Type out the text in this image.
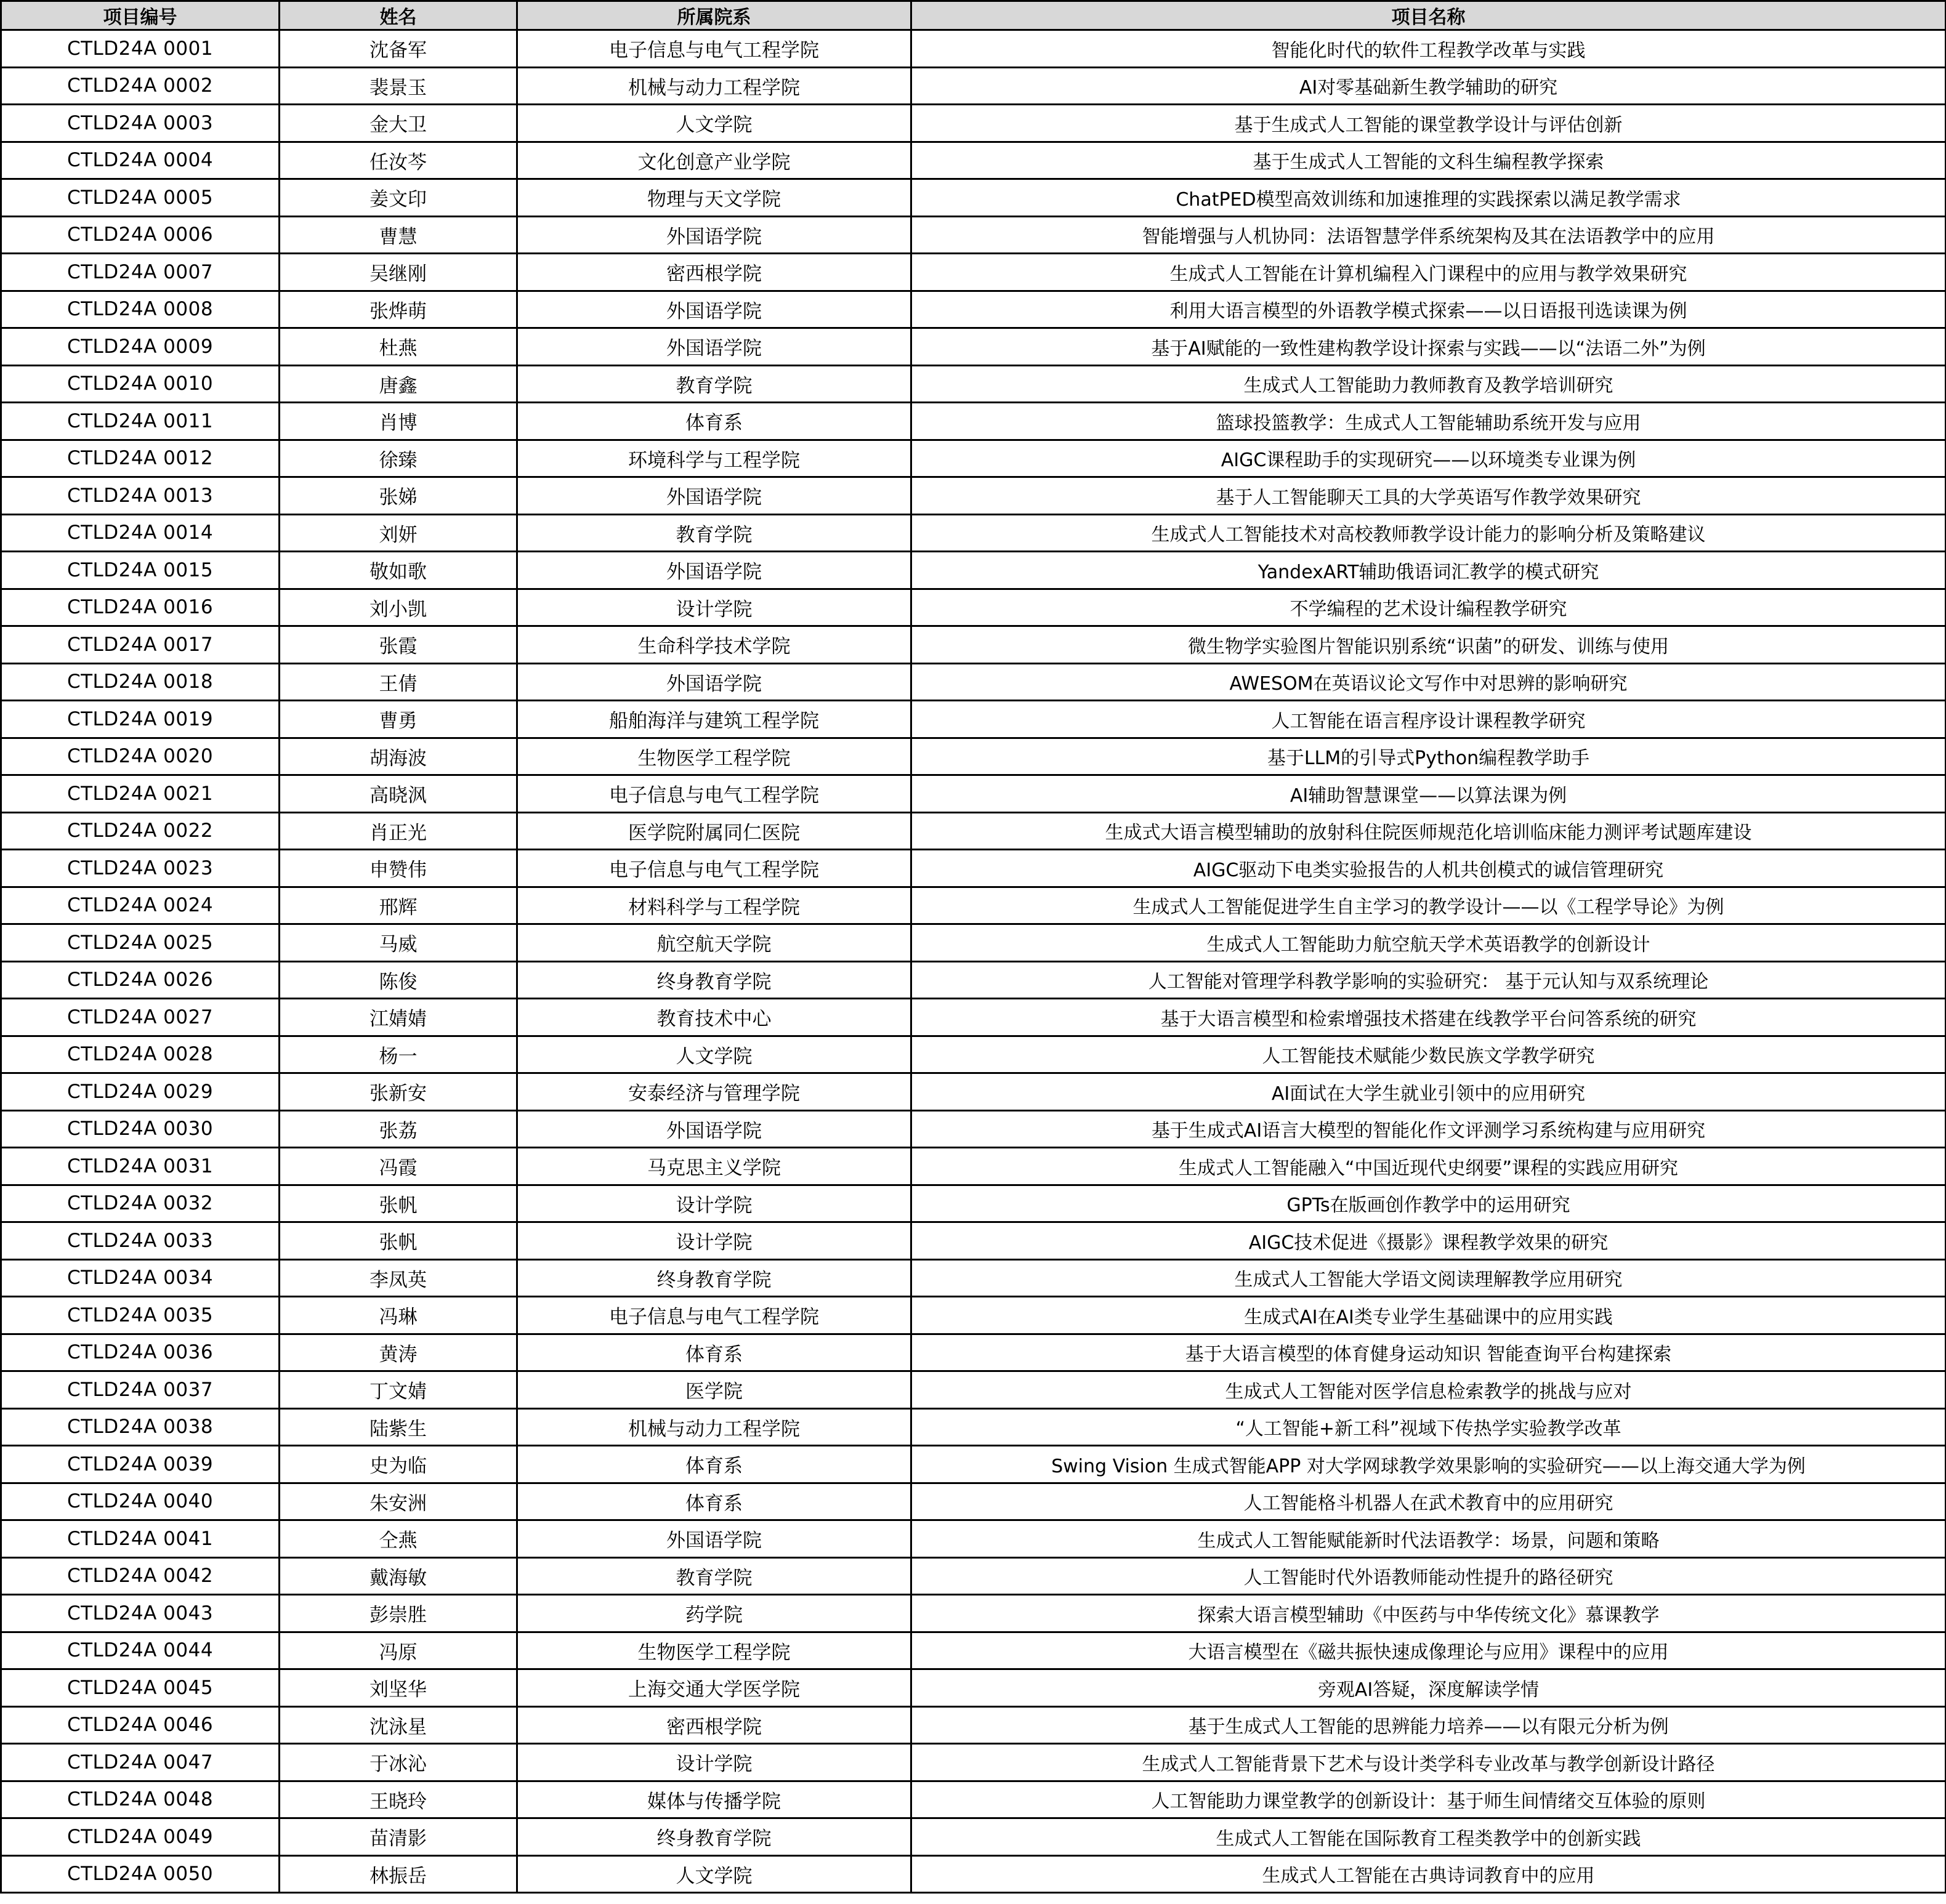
项目编号	姓名	所属院系	项目名称
CTLD24A 0001	沈备军	电子信息与电气工程学院	智能化时代的软件工程教学改革与实践
CTLD24A 0002	裴景玉	机械与动力工程学院	AI对零基础新生教学辅助的研究
CTLD24A 0003	金大卫	人文学院	基于生成式人工智能的课堂教学设计与评估创新
CTLD24A 0004	任汝芩	文化创意产业学院	基于生成式人工智能的文科生编程教学探索
CTLD24A 0005	姜文印	物理与天文学院	ChatPED模型高效训练和加速推理的实践探索以满足教学需求
CTLD24A 0006	曹慧	外国语学院	智能增强与人机协同：法语智慧学伴系统架构及其在法语教学中的应用
CTLD24A 0007	吴继刚	密西根学院	生成式人工智能在计算机编程入门课程中的应用与教学效果研究
CTLD24A 0008	张烨萌	外国语学院	利用大语言模型的外语教学模式探索——以日语报刊选读课为例
CTLD24A 0009	杜燕	外国语学院	基于AI赋能的一致性建构教学设计探索与实践——以“法语二外”为例
CTLD24A 0010	唐鑫	教育学院	生成式人工智能助力教师教育及教学培训研究
CTLD24A 0011	肖博	体育系	篮球投篮教学：生成式人工智能辅助系统开发与应用
CTLD24A 0012	徐臻	环境科学与工程学院	AIGC课程助手的实现研究——以环境类专业课为例
CTLD24A 0013	张娣	外国语学院	基于人工智能聊天工具的大学英语写作教学效果研究
CTLD24A 0014	刘妍	教育学院	生成式人工智能技术对高校教师教学设计能力的影响分析及策略建议
CTLD24A 0015	敬如歌	外国语学院	YandexART辅助俄语词汇教学的模式研究
CTLD24A 0016	刘小凯	设计学院	不学编程的艺术设计编程教学研究
CTLD24A 0017	张霞	生命科学技术学院	微生物学实验图片智能识别系统“识菌”的研发、训练与使用
CTLD24A 0018	王倩	外国语学院	AWESOM在英语议论文写作中对思辨的影响研究
CTLD24A 0019	曹勇	船舶海洋与建筑工程学院	人工智能在语言程序设计课程教学研究
CTLD24A 0020	胡海波	生物医学工程学院	基于LLM的引导式Python编程教学助手
CTLD24A 0021	高晓沨	电子信息与电气工程学院	AI辅助智慧课堂——以算法课为例
CTLD24A 0022	肖正光	医学院附属同仁医院	生成式大语言模型辅助的放射科住院医师规范化培训临床能力测评考试题库建设
CTLD24A 0023	申赞伟	电子信息与电气工程学院	AIGC驱动下电类实验报告的人机共创模式的诚信管理研究
CTLD24A 0024	邢辉	材料科学与工程学院	生成式人工智能促进学生自主学习的教学设计——以《工程学导论》为例
CTLD24A 0025	马威	航空航天学院	生成式人工智能助力航空航天学术英语教学的创新设计
CTLD24A 0026	陈俊	终身教育学院	人工智能对管理学科教学影响的实验研究： 基于元认知与双系统理论
CTLD24A 0027	江婧婧	教育技术中心	基于大语言模型和检索增强技术搭建在线教学平台问答系统的研究
CTLD24A 0028	杨一	人文学院	人工智能技术赋能少数民族文学教学研究
CTLD24A 0029	张新安	安泰经济与管理学院	AI面试在大学生就业引领中的应用研究
CTLD24A 0030	张荔	外国语学院	基于生成式AI语言大模型的智能化作文评测学习系统构建与应用研究
CTLD24A 0031	冯霞	马克思主义学院	生成式人工智能融入“中国近现代史纲要”课程的实践应用研究
CTLD24A 0032	张帆	设计学院	GPTs在版画创作教学中的运用研究
CTLD24A 0033	张帆	设计学院	AIGC技术促进《摄影》课程教学效果的研究
CTLD24A 0034	李凤英	终身教育学院	生成式人工智能大学语文阅读理解教学应用研究
CTLD24A 0035	冯琳	电子信息与电气工程学院	生成式AI在AI类专业学生基础课中的应用实践
CTLD24A 0036	黄涛	体育系	基于大语言模型的体育健身运动知识 智能查询平台构建探索
CTLD24A 0037	丁文婧	医学院	生成式人工智能对医学信息检索教学的挑战与应对
CTLD24A 0038	陆紫生	机械与动力工程学院	“人工智能+新工科”视域下传热学实验教学改革
CTLD24A 0039	史为临	体育系	Swing Vision 生成式智能APP 对大学网球教学效果影响的实验研究——以上海交通大学为例
CTLD24A 0040	朱安洲	体育系	人工智能格斗机器人在武术教育中的应用研究
CTLD24A 0041	仝燕	外国语学院	生成式人工智能赋能新时代法语教学：场景，问题和策略
CTLD24A 0042	戴海敏	教育学院	人工智能时代外语教师能动性提升的路径研究
CTLD24A 0043	彭崇胜	药学院	探索大语言模型辅助《中医药与中华传统文化》慕课教学
CTLD24A 0044	冯原	生物医学工程学院	大语言模型在《磁共振快速成像理论与应用》课程中的应用
CTLD24A 0045	刘坚华	上海交通大学医学院	旁观AI答疑，深度解读学情
CTLD24A 0046	沈泳星	密西根学院	基于生成式人工智能的思辨能力培养——以有限元分析为例
CTLD24A 0047	于冰沁	设计学院	生成式人工智能背景下艺术与设计类学科专业改革与教学创新设计路径
CTLD24A 0048	王晓玲	媒体与传播学院	人工智能助力课堂教学的创新设计：基于师生间情绪交互体验的原则
CTLD24A 0049	苗清影	终身教育学院	生成式人工智能在国际教育工程类教学中的创新实践
CTLD24A 0050	林振岳	人文学院	生成式人工智能在古典诗词教育中的应用
